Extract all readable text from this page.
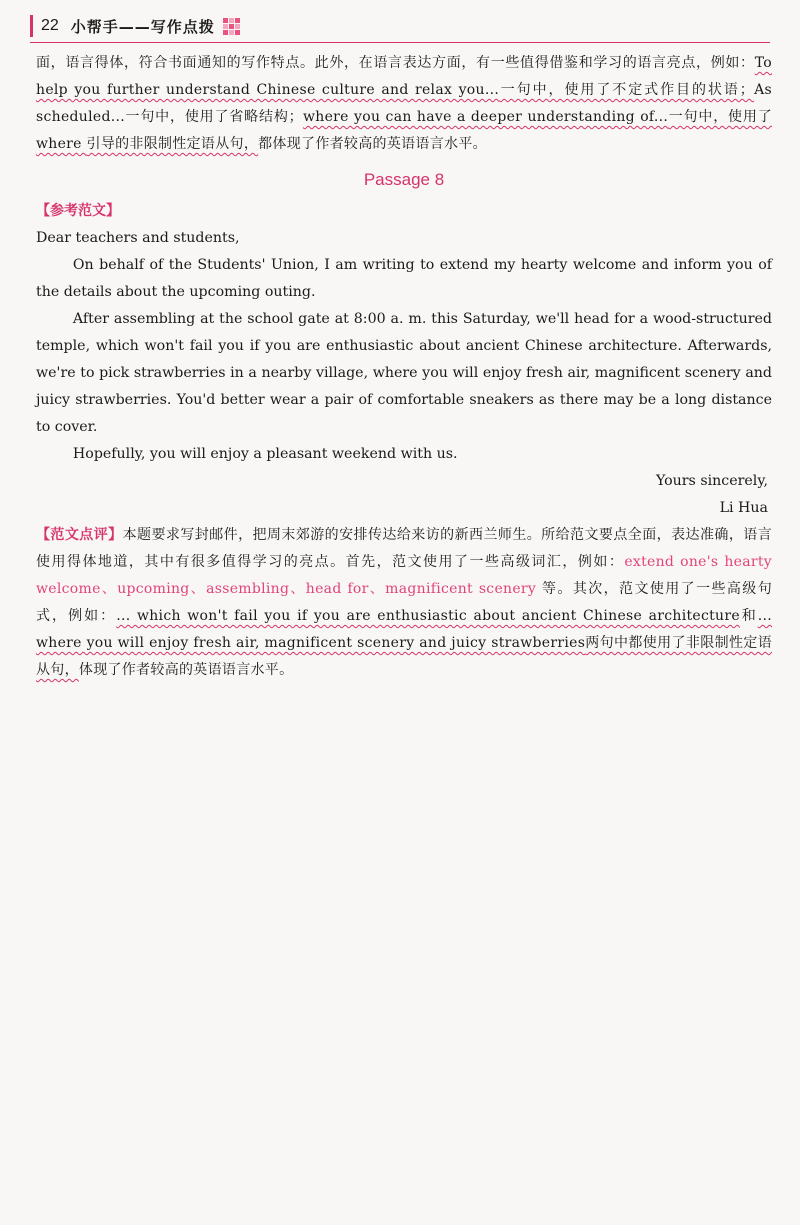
22 小帮手——写作点拨

面，语言得体，符合书面通知的写作特点。此外，在语言表达方面，有一些值得借鉴和学习的语言亮点，例如：To help you further understand Chinese culture and relax you...一句中，使用了不定式作目的状语；As scheduled...一句中，使用了省略结构；where you can have a deeper understanding of...一句中，使用了 where 引导的非限制性定语从句，都体现了作者较高的英语语言水平。

Passage 8

【参考范文】

Dear teachers and students,

On behalf of the Students' Union, I am writing to extend my hearty welcome and inform you of the details about the upcoming outing.

After assembling at the school gate at 8:00 a. m. this Saturday, we'll head for a wood-structured temple, which won't fail you if you are enthusiastic about ancient Chinese architecture. Afterwards, we're to pick strawberries in a nearby village, where you will enjoy fresh air, magnificent scenery and juicy strawberries. You'd better wear a pair of comfortable sneakers as there may be a long distance to cover.

Hopefully, you will enjoy a pleasant weekend with us.

Yours sincerely,

Li Hua

【范文点评】本题要求写封邮件，把周末郊游的安排传达给来访的新西兰师生。所给范文要点全面，表达准确，语言使用得体地道，其中有很多值得学习的亮点。首先，范文使用了一些高级词汇，例如：extend one's hearty welcome、upcoming、assembling、head for、magnificent scenery 等。其次，范文使用了一些高级句式，例如：... which won't fail you if you are enthusiastic about ancient Chinese architecture和... where you will enjoy fresh air, magnificent scenery and juicy strawberries两句中都使用了非限制性定语从句，体现了作者较高的英语语言水平。
